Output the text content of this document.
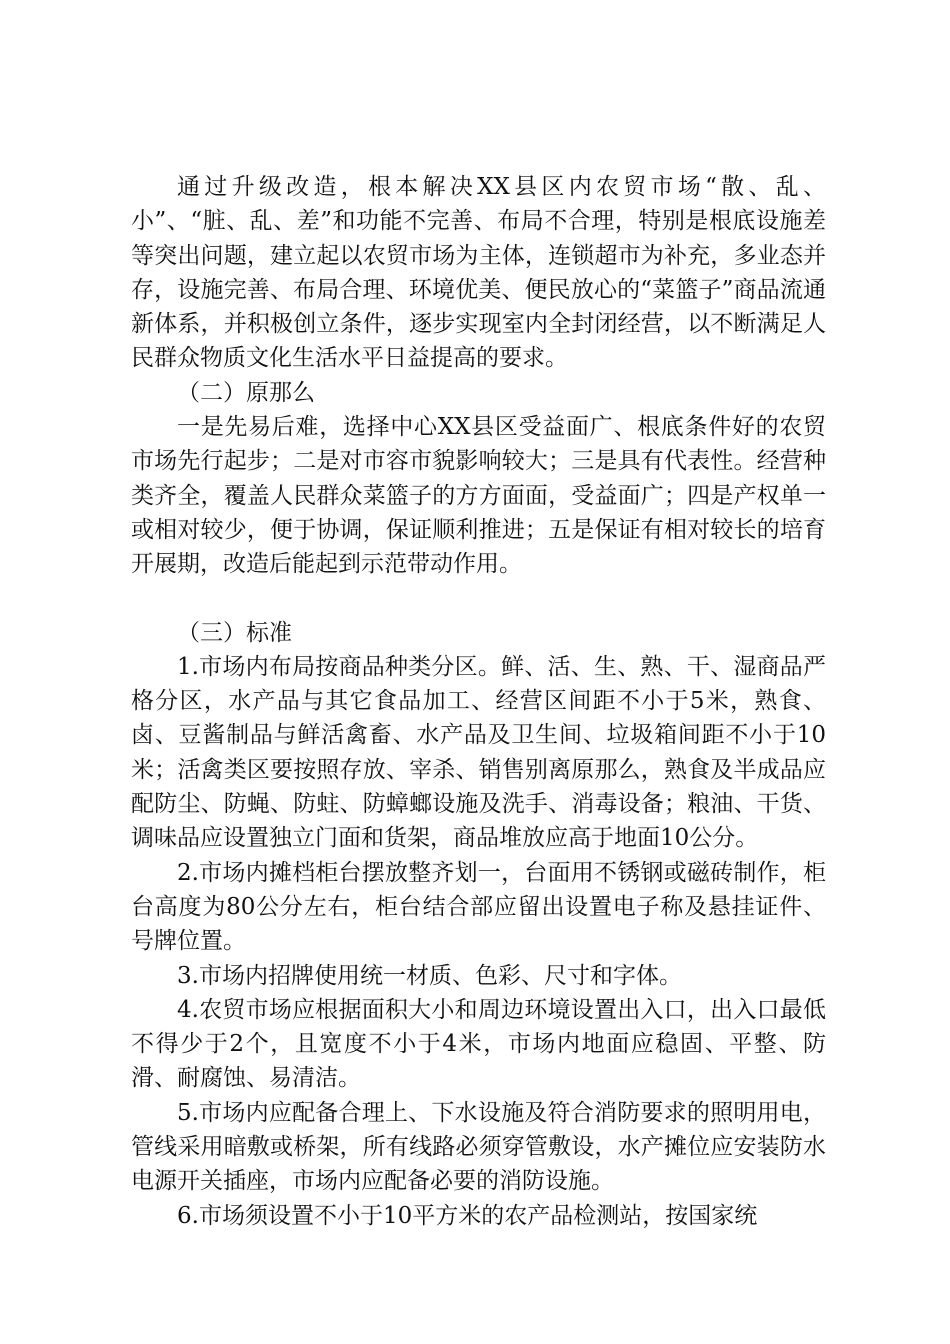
通过升级改造，根本解决XX县区内农贸市场“散、乱、小”、“脏、乱、差”和功能不完善、布局不合理，特别是根底设施差等突出问题，建立起以农贸市场为主体，连锁超市为补充，多业态并存，设施完善、布局合理、环境优美、便民放心的“菜篮子”商品流通新体系，并积极创立条件，逐步实现室内全封闭经营，以不断满足人民群众物质文化生活水平日益提高的要求。

（二）原那么

一是先易后难，选择中心XX县区受益面广、根底条件好的农贸市场先行起步；二是对市容市貌影响较大；三是具有代表性。经营种类齐全，覆盖人民群众菜篮子的方方面面，受益面广；四是产权单一或相对较少，便于协调，保证顺利推进；五是保证有相对较长的培育开展期，改造后能起到示范带动作用。

（三）标准

1.市场内布局按商品种类分区。鲜、活、生、熟、干、湿商品严格分区，水产品与其它食品加工、经营区间距不小于5米，熟食、卤、豆酱制品与鲜活禽畜、水产品及卫生间、垃圾箱间距不小于10米；活禽类区要按照存放、宰杀、销售别离原那么，熟食及半成品应配防尘、防蝇、防蛀、防蟑螂设施及洗手、消毒设备；粮油、干货、调味品应设置独立门面和货架，商品堆放应高于地面10公分。

2.市场内摊档柜台摆放整齐划一，台面用不锈钢或磁砖制作，柜台高度为80公分左右，柜台结合部应留出设置电子称及悬挂证件、号牌位置。

3.市场内招牌使用统一材质、色彩、尺寸和字体。

4.农贸市场应根据面积大小和周边环境设置出入口，出入口最低不得少于2个，且宽度不小于4米，市场内地面应稳固、平整、防滑、耐腐蚀、易清洁。

5.市场内应配备合理上、下水设施及符合消防要求的照明用电，管线采用暗敷或桥架，所有线路必须穿管敷设，水产摊位应安装防水电源开关插座，市场内应配备必要的消防设施。

6.市场须设置不小于10平方米的农产品检测站，按国家统
